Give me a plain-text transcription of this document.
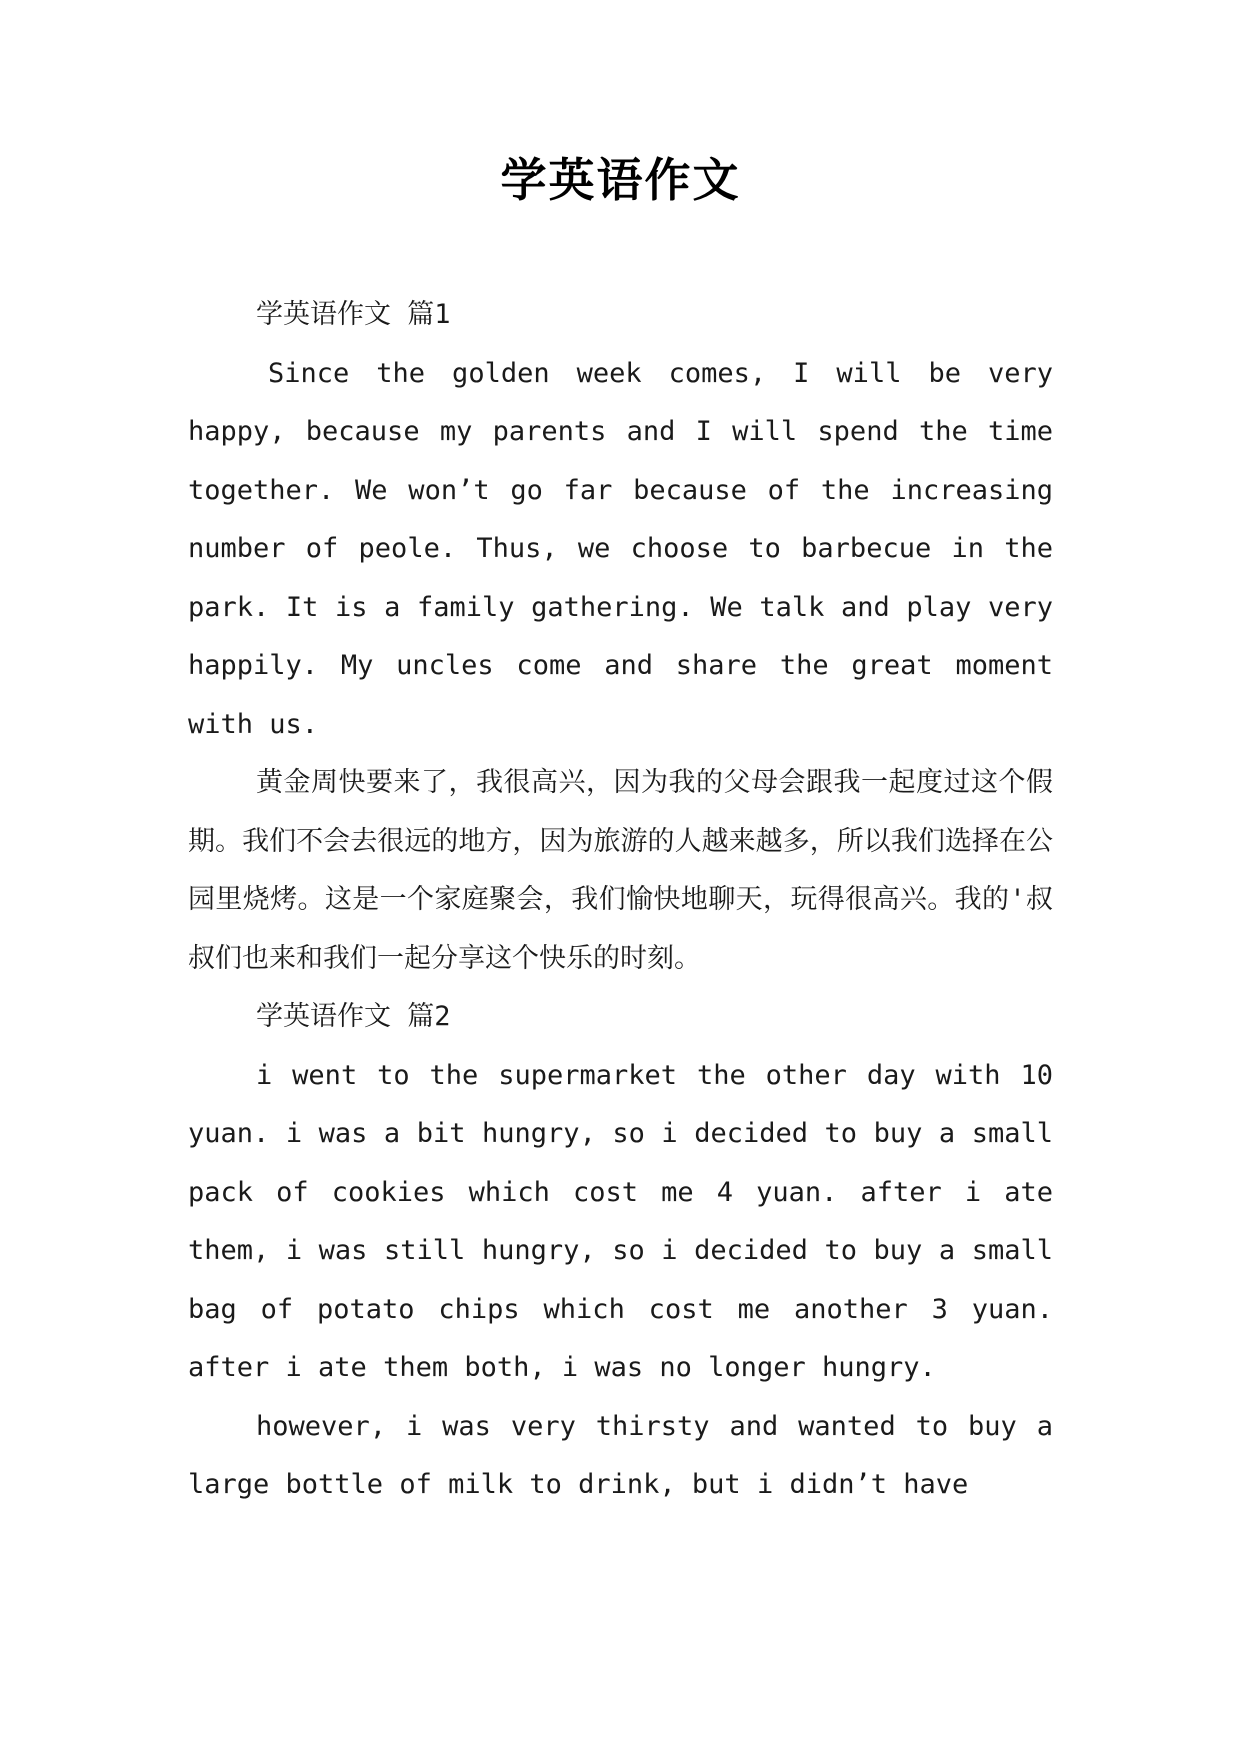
学英语作文

学英语作文 篇1

Since the golden week comes, I will be very happy, because my parents and I will spend the time together. We won’t go far because of the increasing number of peole. Thus, we choose to barbecue in the park. It is a family gathering. We talk and play very happily. My uncles come and share the great moment with us.

黄金周快要来了，我很高兴，因为我的父母会跟我一起度过这个假期。我们不会去很远的地方，因为旅游的人越来越多，所以我们选择在公园里烧烤。这是一个家庭聚会，我们愉快地聊天，玩得很高兴。我的'叔叔们也来和我们一起分享这个快乐的时刻。

学英语作文 篇2

i went to the supermarket the other day with 10 yuan. i was a bit hungry, so i decided to buy a small pack of cookies which cost me 4 yuan. after i ate them, i was still hungry, so i decided to buy a small bag of potato chips which cost me another 3 yuan. after i ate them both, i was no longer hungry.

however, i was very thirsty and wanted to buy a large bottle of milk to drink, but i didn’t have
